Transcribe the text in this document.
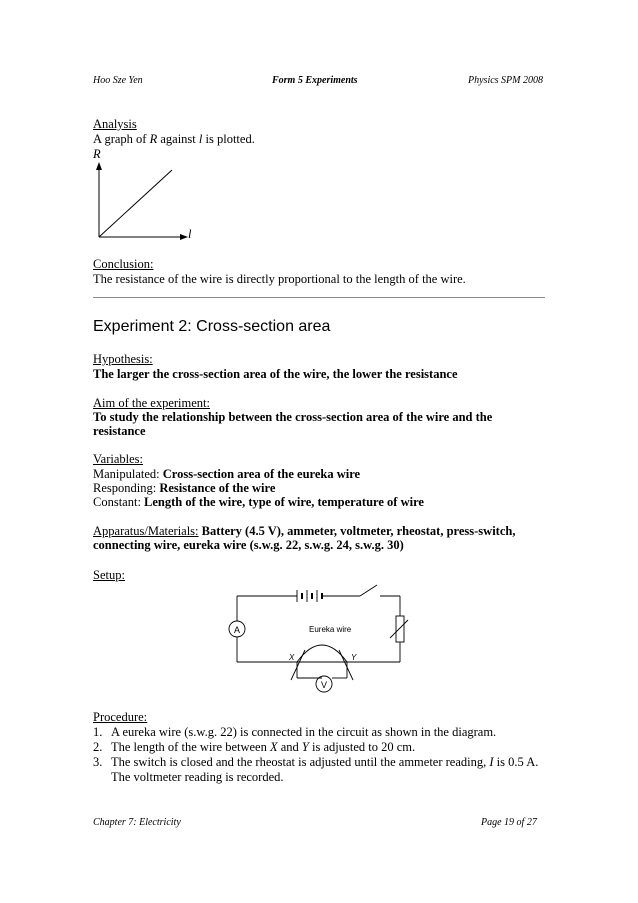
Hoo Sze Yen	Form 5 Experiments	Physics SPM 2008
Analysis
A graph of R against l is plotted.
R
l
Conclusion:
The resistance of the wire is directly proportional to the length of the wire.
Experiment 2: Cross-section area
Hypothesis:
The larger the cross-section area of the wire, the lower the resistance
Aim of the experiment:
To study the relationship between the cross-section area of the wire and the
resistance
Variables:
Manipulated: Cross-section area of the eureka wire
Responding: Resistance of the wire
Constant: Length of the wire, type of wire, temperature of wire
Apparatus/Materials: Battery (4.5 V), ammeter, voltmeter, rheostat, press-switch,
connecting wire, eureka wire (s.w.g. 22, s.w.g. 24, s.w.g. 30)
Setup:
A
V
Eureka wire
X	Y
Procedure:
1. A eureka wire (s.w.g. 22) is connected in the circuit as shown in the diagram.
2. The length of the wire between X and Y is adjusted to 20 cm.
3. The switch is closed and the rheostat is adjusted until the ammeter reading, I is 0.5 A.
The voltmeter reading is recorded.
Chapter 7: Electricity	Page 19 of 27
